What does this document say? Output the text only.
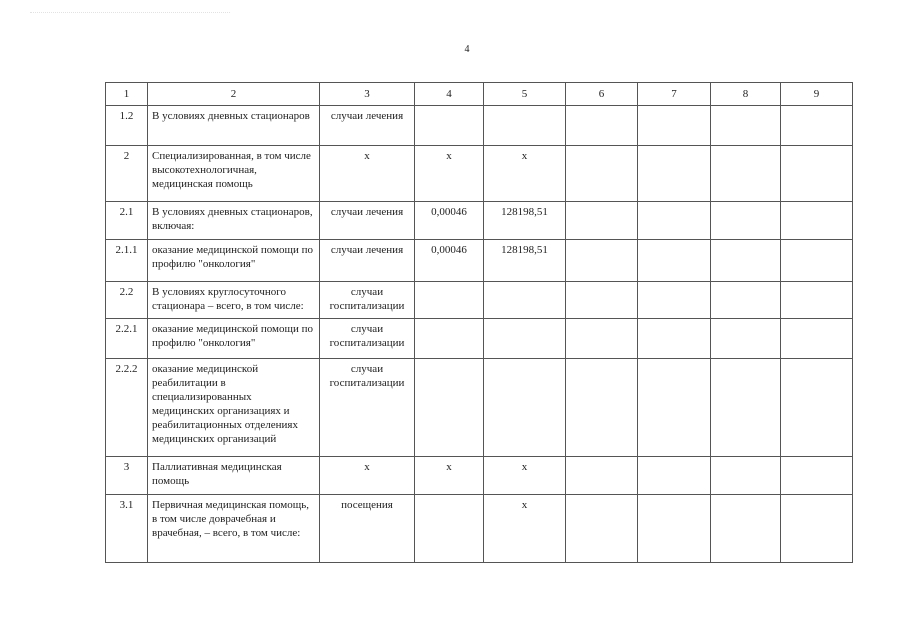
4
1	2	3	4	5	6	7	8	9
1.2	В условиях дневных стационаров	случаи лечения						
2	Специализированная, в том числе высокотехнологичная, медицинская помощь	х	х	х				
2.1	В условиях дневных стационаров, включая:	случаи лечения	0,00046	128198,51				
2.1.1	оказание медицинской помощи по профилю "онкология"	случаи лечения	0,00046	128198,51				
2.2	В условиях круглосуточного стационара – всего, в том числе:	случаи госпитализации						
2.2.1	оказание медицинской помощи по профилю "онкология"	случаи госпитализации						
2.2.2	оказание медицинской реабилитации в специализированных медицинских организациях и реабилитационных отделениях медицинских организаций	случаи госпитализации						
3	Паллиативная медицинская помощь	х	х	х				
3.1	Первичная медицинская помощь, в том числе доврачебная и врачебная, – всего, в том числе:	посещения		х				
